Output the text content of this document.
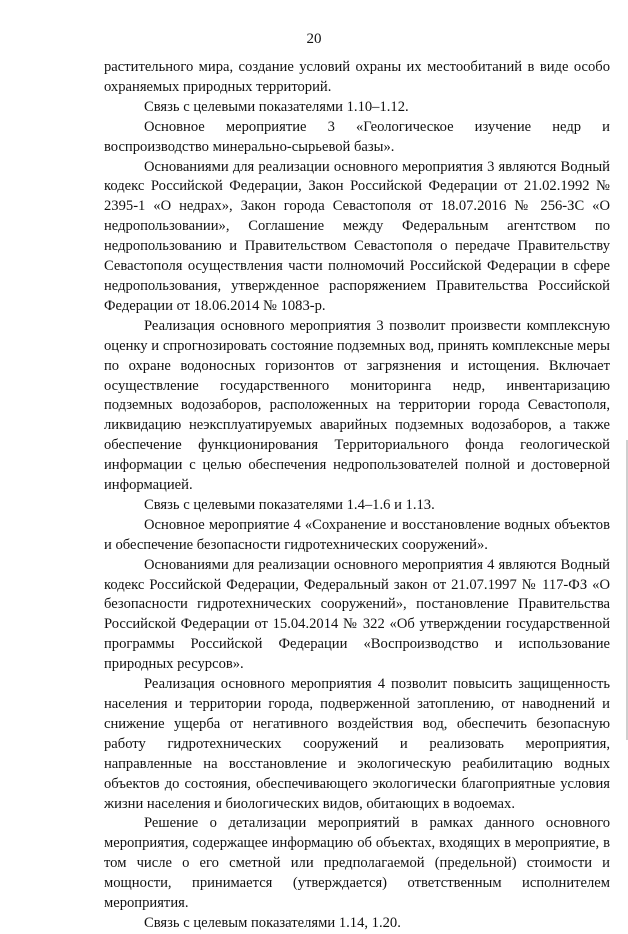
20

растительного мира, создание условий охраны их местообитаний в виде особо охраняемых природных территорий.

Связь с целевыми показателями 1.10–1.12.

Основное мероприятие 3 «Геологическое изучение недр и воспроизводство минерально-сырьевой базы».

Основаниями для реализации основного мероприятия 3 являются Водный кодекс Российской Федерации, Закон Российской Федерации от 21.02.1992 № 2395-1 «О недрах», Закон города Севастополя от 18.07.2016 № 256-ЗС «О недропользовании», Соглашение между Федеральным агентством по недропользованию и Правительством Севастополя о передаче Правительству Севастополя осуществления части полномочий Российской Федерации в сфере недропользования, утвержденное распоряжением Правительства Российской Федерации от 18.06.2014 № 1083-р.

Реализация основного мероприятия 3 позволит произвести комплексную оценку и спрогнозировать состояние подземных вод, принять комплексные меры по охране водоносных горизонтов от загрязнения и истощения. Включает осуществление государственного мониторинга недр, инвентаризацию подземных водозаборов, расположенных на территории города Севастополя, ликвидацию неэксплуатируемых аварийных подземных водозаборов, а также обеспечение функционирования Территориального фонда геологической информации с целью обеспечения недропользователей полной и достоверной информацией.

Связь с целевыми показателями 1.4–1.6 и 1.13.

Основное мероприятие 4 «Сохранение и восстановление водных объектов и обеспечение безопасности гидротехнических сооружений».

Основаниями для реализации основного мероприятия 4 являются Водный кодекс Российской Федерации, Федеральный закон от 21.07.1997 № 117-ФЗ «О безопасности гидротехнических сооружений», постановление Правительства Российской Федерации от 15.04.2014 № 322 «Об утверждении государственной программы Российской Федерации «Воспроизводство и использование природных ресурсов».

Реализация основного мероприятия 4 позволит повысить защищенность населения и территории города, подверженной затоплению, от наводнений и снижение ущерба от негативного воздействия вод, обеспечить безопасную работу гидротехнических сооружений и реализовать мероприятия, направленные на восстановление и экологическую реабилитацию водных объектов до состояния, обеспечивающего экологически благоприятные условия жизни населения и биологических видов, обитающих в водоемах.

Решение о детализации мероприятий в рамках данного основного мероприятия, содержащее информацию об объектах, входящих в мероприятие, в том числе о его сметной или предполагаемой (предельной) стоимости и мощности, принимается (утверждается) ответственным исполнителем мероприятия.

Связь с целевым показателями 1.14, 1.20.
